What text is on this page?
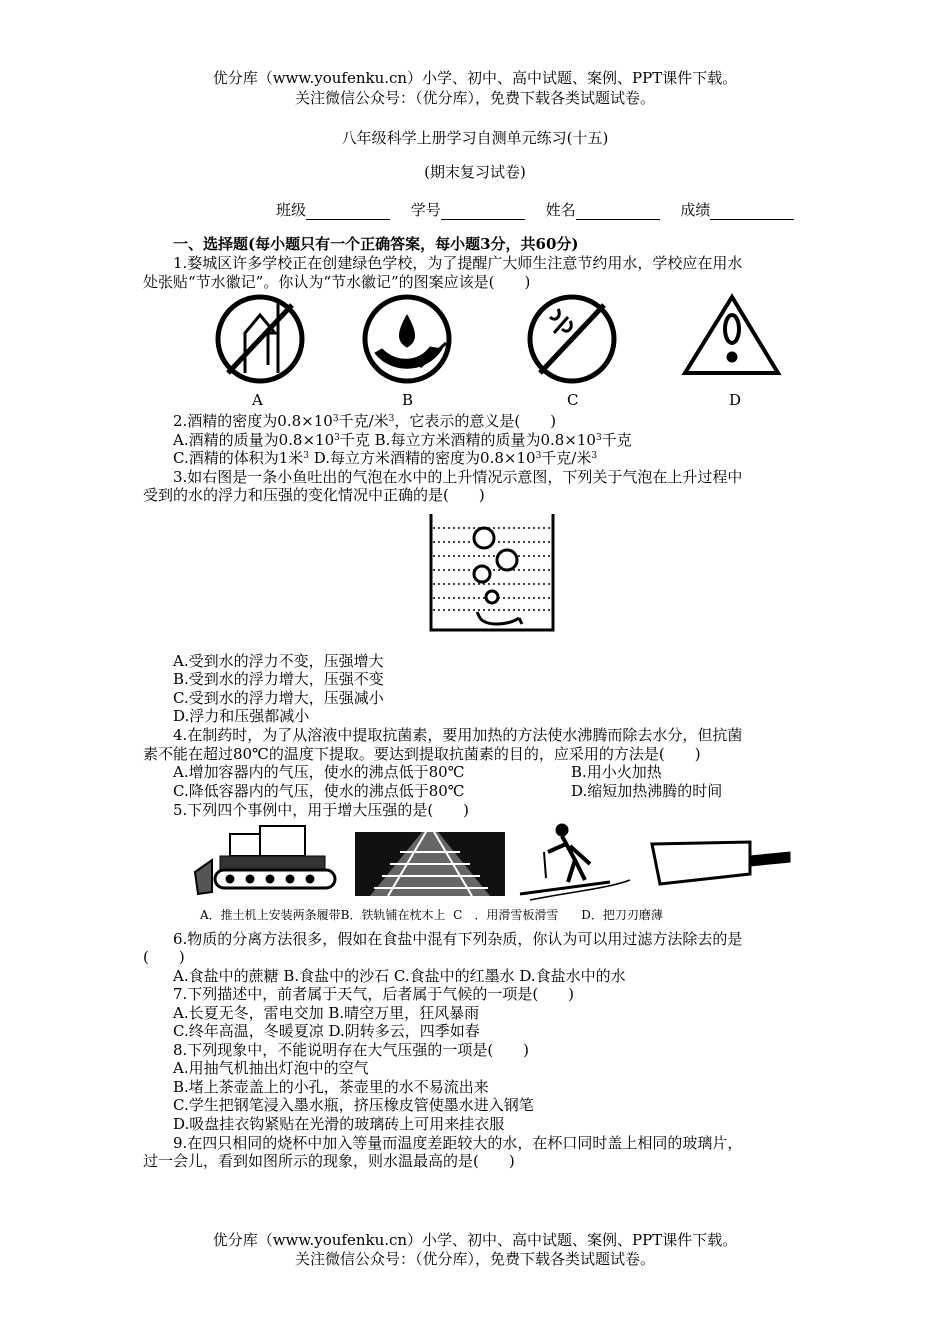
优分库（www.youfenku.cn）小学、初中、高中试题、案例、PPT课件下载。
关注微信公众号：（优分库），免费下载各类试题试卷。
八年级科学上册学习自测单元练习(十五)
(期末复习试卷)
班级	学号	姓名	成绩
一、选择题(每小题只有一个正确答案，每小题3分，共60分)
1.婺城区许多学校正在创建绿色学校，为了提醒广大师生注意节约用水，学校应在用水
处张贴“节水徽记”。你认为“节水徽记”的图案应该是(　　)
A	B	C	D
2.酒精的密度为$0.8\times 10^3$千克/米$^3$，它表示的意义是(　　)
A.酒精的质量为$0.8\times 10^3$千克 B.每立方米酒精的质量为$0.8\times 10^3$千克
C.酒精的体积为1米$^3$ D.每立方米酒精的密度为$0.8\times 10^3$千克/米$^3$
3.如右图是一条小鱼吐出的气泡在水中的上升情况示意图，下列关于气泡在上升过程中
受到的水的浮力和压强的变化情况中正确的是(　　)
A.受到水的浮力不变，压强增大
B.受到水的浮力增大，压强不变
C.受到水的浮力增大，压强减小
D.浮力和压强都减小
4.在制药时，为了从溶液中提取抗菌素，要用加热的方法使水沸腾而除去水分，但抗菌
素不能在超过80℃的温度下提取。要达到提取抗菌素的目的，应采用的方法是(　　)
A.增加容器内的气压，使水的沸点低于80℃	B.用小火加热
C.降低容器内的气压，使水的沸点低于80℃	D.缩短加热沸腾的时间
5.下列四个事例中，用于增大压强的是(　　)
A．推土机上安装两条履带B．铁轨铺在枕木上 C　．用滑雪板滑雪 D．把刀刃磨薄
6.物质的分离方法很多，假如在食盐中混有下列杂质，你认为可以用过滤方法除去的是
(　　)
A.食盐中的蔗糖 B.食盐中的沙石 C.食盐中的红墨水 D.食盐水中的水
7.下列描述中，前者属于天气，后者属于气候的一项是(　　)
A.长夏无冬，雷电交加 B.晴空万里，狂风暴雨
C.终年高温，冬暖夏凉 D.阴转多云，四季如春
8.下列现象中，不能说明存在大气压强的一项是(　　)
A.用抽气机抽出灯泡中的空气
B.堵上茶壶盖上的小孔，茶壶里的水不易流出来
C.学生把钢笔浸入墨水瓶，挤压橡皮管使墨水进入钢笔
D.吸盘挂衣钩紧贴在光滑的玻璃砖上可用来挂衣服
9.在四只相同的烧杯中加入等量而温度差距较大的水，在杯口同时盖上相同的玻璃片，
过一会儿，看到如图所示的现象，则水温最高的是(　　)
优分库（www.youfenku.cn）小学、初中、高中试题、案例、PPT课件下载。
关注微信公众号：（优分库），免费下载各类试题试卷。
